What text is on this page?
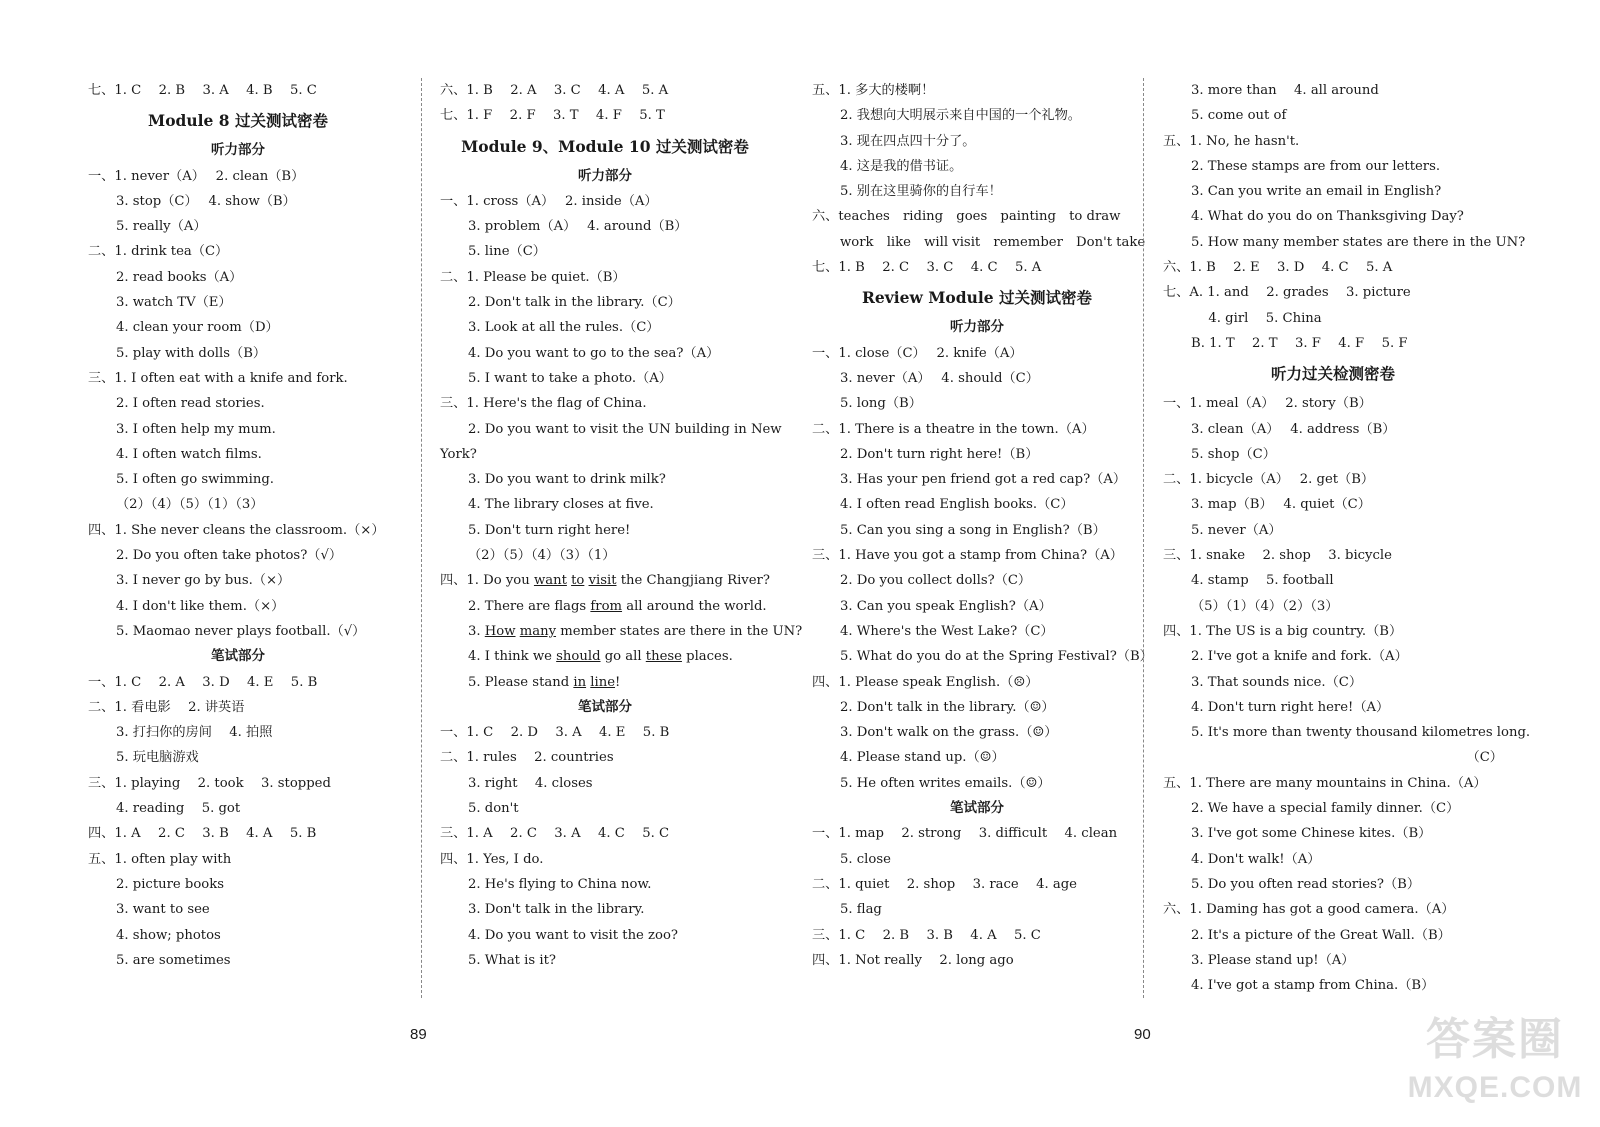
七、1. C　 2. B　 3. A　 4. B　 5. C
Module 8 过关测试密卷
听力部分
一、1. never（A）　 2. clean（B）
3. stop（C）　 4. show（B）
5. really（A）
二、1. drink tea（C）
2. read books（A）
3. watch TV（E）
4. clean your room（D）
5. play with dolls（B）
三、1. I often eat with a knife and fork.
2. I often read stories.
3. I often help my mum.
4. I often watch films.
5. I often go swimming.
（2）（4）（5）（1）（3）
四、1. She never cleans the classroom.（×）
2. Do you often take photos?（√）
3. I never go by bus.（×）
4. I don't like them.（×）
5. Maomao never plays football.（√）
笔试部分
一、1. C　 2. A　 3. D　 4. E　 5. B
二、1. 看电影　 2. 讲英语
3. 打扫你的房间　 4. 拍照
5. 玩电脑游戏
三、1. playing　 2. took　 3. stopped
4. reading　 5. got
四、1. A　 2. C　 3. B　 4. A　 5. B
五、1. often play with
2. picture books
3. want to see
4. show; photos
5. are sometimes
六、1. B　 2. A　 3. C　 4. A　 5. A
七、1. F　 2. F　 3. T　 4. F　 5. T
Module 9、Module 10 过关测试密卷
听力部分
一、1. cross（A）　 2. inside（A）
3. problem（A）　 4. around（B）
5. line（C）
二、1. Please be quiet.（B）
2. Don't talk in the library.（C）
3. Look at all the rules.（C）
4. Do you want to go to the sea?（A）
5. I want to take a photo.（A）
三、1. Here's the flag of China.
2. Do you want to visit the UN building in New
York?
3. Do you want to drink milk?
4. The library closes at five.
5. Don't turn right here!
（2）（5）（4）（3）（1）
四、1. Do you want to visit the Changjiang River?
2. There are flags from all around the world.
3. How many member states are there in the UN?
4. I think we should go all these places.
5. Please stand in line!
笔试部分
一、1. C　 2. D　 3. A　 4. E　 5. B
二、1. rules　 2. countries
3. right　 4. closes
5. don't
三、1. A　 2. C　 3. A　 4. C　 5. C
四、1. Yes, I do.
2. He's flying to China now.
3. Don't talk in the library.
4. Do you want to visit the zoo?
5. What is it?
五、1. 多大的楼啊！
2. 我想向大明展示来自中国的一个礼物。
3. 现在四点四十分了。
4. 这是我的借书证。
5. 别在这里骑你的自行车！
六、teaches　riding　goes　painting　to draw
work　like　will visit　remember　Don't take
七、1. B　 2. C　 3. C　 4. C　 5. A
Review Module 过关测试密卷
听力部分
一、1. close（C）　 2. knife（A）
3. never（A）　 4. should（C）
5. long（B）
二、1. There is a theatre in the town.（A）
2. Don't turn right here!（B）
3. Has your pen friend got a red cap?（A）
4. I often read English books.（C）
5. Can you sing a song in English?（B）
三、1. Have you got a stamp from China?（A）
2. Do you collect dolls?（C）
3. Can you speak English?（A）
4. Where's the West Lake?（C）
5. What do you do at the Spring Festival?（B）
四、1. Please speak English.（☹）
2. Don't talk in the library.（☺）
3. Don't walk on the grass.（☺）
4. Please stand up.（☺）
5. He often writes emails.（☺）
笔试部分
一、1. map　 2. strong　 3. difficult　 4. clean
5. close
二、1. quiet　 2. shop　 3. race　 4. age
5. flag
三、1. C　 2. B　 3. B　 4. A　 5. C
四、1. Not really　 2. long ago
3. more than　 4. all around
5. come out of
五、1. No, he hasn't.
2. These stamps are from our letters.
3. Can you write an email in English?
4. What do you do on Thanksgiving Day?
5. How many member states are there in the UN?
六、1. B　 2. E　 3. D　 4. C　 5. A
七、A. 1. and　 2. grades　 3. picture
　 4. girl　 5. China
B. 1. T　 2. T　 3. F　 4. F　 5. F
听力过关检测密卷
一、1. meal（A）　 2. story（B）
3. clean（A）　 4. address（B）
5. shop（C）
二、1. bicycle（A）　 2. get（B）
3. map（B）　 4. quiet（C）
5. never（A）
三、1. snake　 2. shop　 3. bicycle
4. stamp　 5. football
（5）（1）（4）（2）（3）
四、1. The US is a big country.（B）
2. I've got a knife and fork.（A）
3. That sounds nice.（C）
4. Don't turn right here!（A）
5. It's more than twenty thousand kilometres long.
（C）
五、1. There are many mountains in China.（A）
2. We have a special family dinner.（C）
3. I've got some Chinese kites.（B）
4. Don't walk!（A）
5. Do you often read stories?（B）
六、1. Daming has got a good camera.（A）
2. It's a picture of the Great Wall.（B）
3. Please stand up!（A）
4. I've got a stamp from China.（B）
89	90	答案圈
MXQE.COM
